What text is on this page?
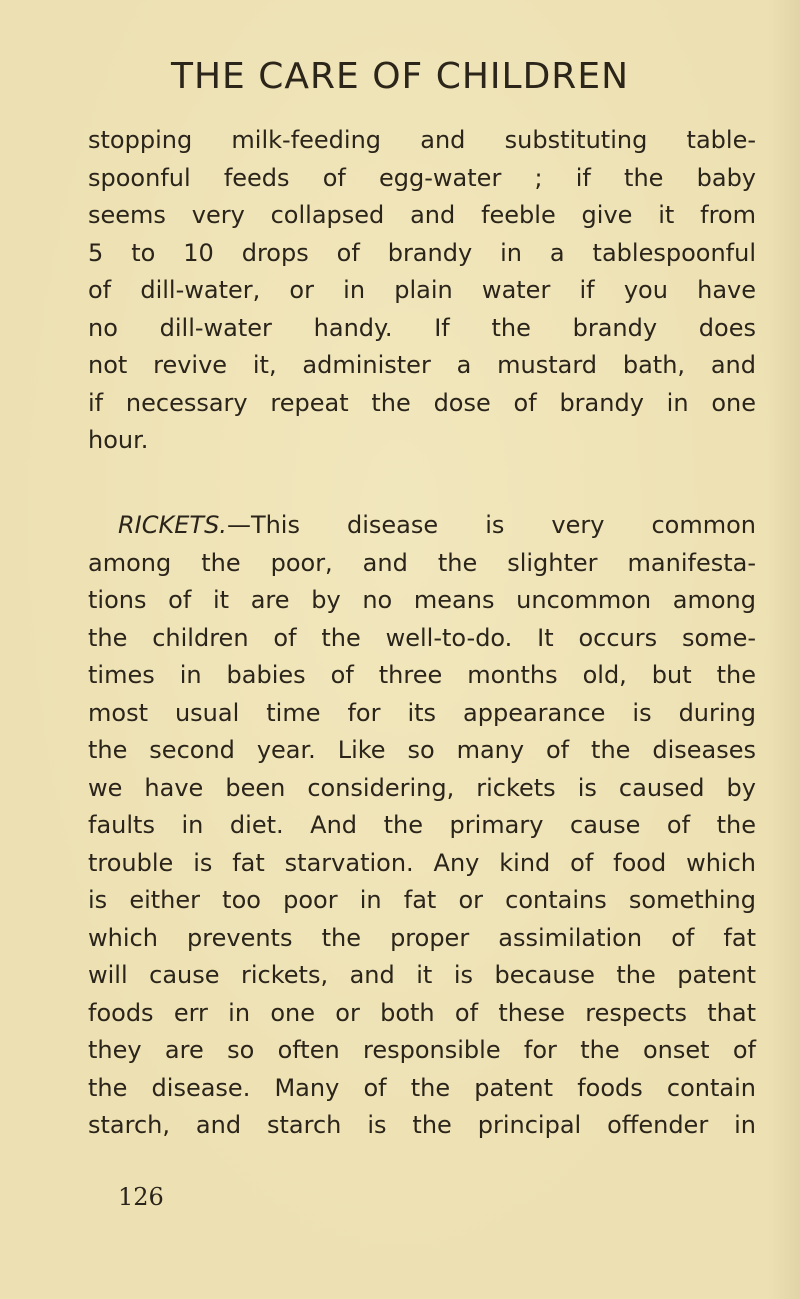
THE CARE OF CHILDREN
stopping milk-feeding and substituting table-
spoonful feeds of egg-water ; if the baby
seems very collapsed and feeble give it from
5 to 10 drops of brandy in a tablespoonful
of dill-water, or in plain water if you have
no dill-water handy. If the brandy does
not revive it, administer a mustard bath, and
if necessary repeat the dose of brandy in one
hour.
RICKETS.—This disease is very common
among the poor, and the slighter manifesta-
tions of it are by no means uncommon among
the children of the well-to-do. It occurs some-
times in babies of three months old, but the
most usual time for its appearance is during
the second year. Like so many of the diseases
we have been considering, rickets is caused by
faults in diet. And the primary cause of the
trouble is fat starvation. Any kind of food which
is either too poor in fat or contains something
which prevents the proper assimilation of fat
will cause rickets, and it is because the patent
foods err in one or both of these respects that
they are so often responsible for the onset of
the disease. Many of the patent foods contain
starch, and starch is the principal offender in
126
